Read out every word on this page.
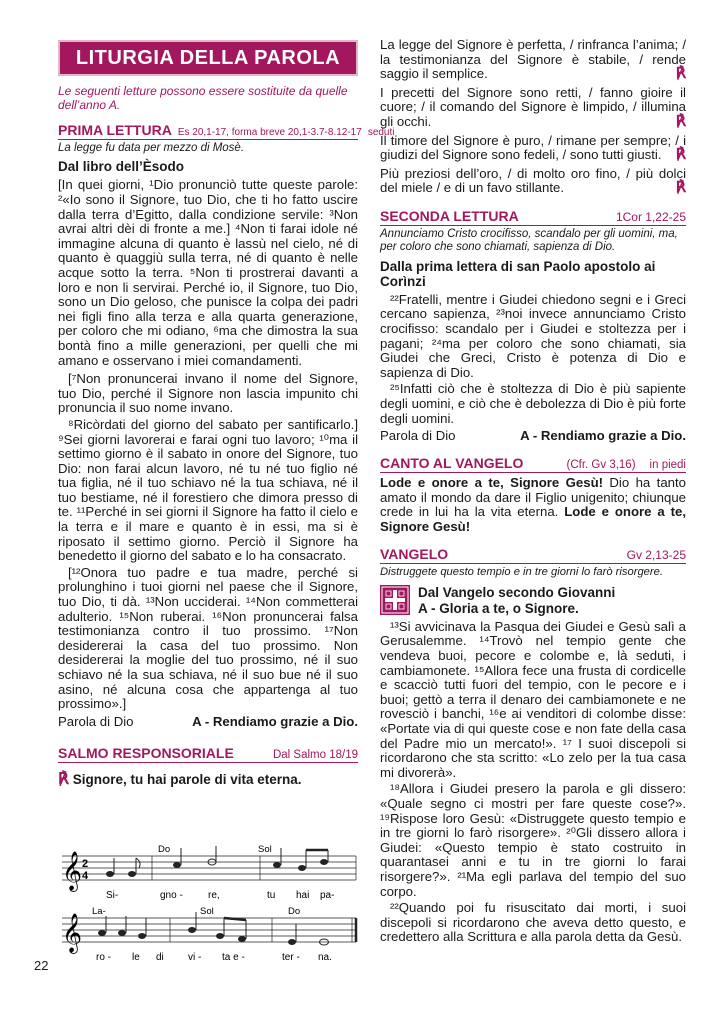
LITURGIA DELLA PAROLA
Le seguenti letture possono essere sostituite da quelle dell’anno A.
PRIMA LETTURA Es 20,1-17, forma breve 20,1-3.7-8.12-17 seduti
La legge fu data per mezzo di Mosè.
Dal libro dell’Èsodo
[In quei giorni, ¹Dio pronunciò tutte queste parole: ²«Io sono il Signore, tuo Dio, che ti ho fatto uscire dalla terra d’Egitto, dalla condizione servile: ³Non avrai altri dèi di fronte a me.] ⁴Non ti farai idole né immagine alcuna di quanto è lassù nel cielo, né di quanto è quaggiù sulla terra, né di quanto è nelle acque sotto la terra. ⁵Non ti prostrerai davanti a loro e non li servirai. Perché io, il Signore, tuo Dio, sono un Dio geloso, che punisce la colpa dei padri nei figli fino alla terza e alla quarta generazione, per coloro che mi odiano, ⁶ma che dimostra la sua bontà fino a mille generazioni, per quelli che mi amano e osservano i miei comandamenti.
[⁷Non pronuncerai invano il nome del Signore, tuo Dio, perché il Signore non lascia impunito chi pronuncia il suo nome invano.
⁸Ricòrdati del giorno del sabato per santificarlo.] ⁹Sei giorni lavorerai e farai ogni tuo lavoro; ¹⁰ma il settimo giorno è il sabato in onore del Signore, tuo Dio: non farai alcun lavoro, né tu né tuo figlio né tua figlia, né il tuo schiavo né la tua schiava, né il tuo bestiame, né il forestiero che dimora presso di te. ¹¹Perché in sei giorni il Signore ha fatto il cielo e la terra e il mare e quanto è in essi, ma si è riposato il settimo giorno. Perciò il Signore ha benedetto il giorno del sabato e lo ha consacrato.
[¹²Onora tuo padre e tua madre, perché si prolunghino i tuoi giorni nel paese che il Signore, tuo Dio, ti dà. ¹³Non ucciderai. ¹⁴Non commetterai adulterio. ¹⁵Non ruberai. ¹⁶Non pronuncerai falsa testimonianza contro il tuo prossimo. ¹⁷Non desidererai la casa del tuo prossimo. Non desidererai la moglie del tuo prossimo, né il suo schiavo né la sua schiava, né il suo bue né il suo asino, né alcuna cosa che appartenga al tuo prossimo».]
Parola di Dio	A - Rendiamo grazie a Dio.
SALMO RESPONSORIALE	Dal Salmo 18/19
℟ Signore, tu hai parole di vita eterna.
𝄞 2
4
Do	Sol
Si-	gno -	re,	tu hai pa-
𝄞
La-	Sol	Do
ro - le di vi - ta e -	ter - na.
22
La legge del Signore è perfetta, / rinfranca l’anima; / la testimonianza del Signore è stabile, / rende saggio il semplice.	℟
I precetti del Signore sono retti, / fanno gioire il cuore; / il comando del Signore è limpido, / illumina gli occhi.	℟
Il timore del Signore è puro, / rimane per sempre; / i giudizi del Signore sono fedeli, / sono tutti giusti. ℟
Più preziosi dell’oro, / di molto oro fino, / più dolci del miele / e di un favo stillante.	℟
SECONDA LETTURA	1Cor 1,22-25
Annunciamo Cristo crocifisso, scandalo per gli uomini, ma, per coloro che sono chiamati, sapienza di Dio.
Dalla prima lettera di san Paolo apostolo ai Corìnzi
²²Fratelli, mentre i Giudei chiedono segni e i Greci cercano sapienza, ²³noi invece annunciamo Cristo crocifisso: scandalo per i Giudei e stoltezza per i pagani; ²⁴ma per coloro che sono chiamati, sia Giudei che Greci, Cristo è potenza di Dio e sapienza di Dio.
²⁵Infatti ciò che è stoltezza di Dio è più sapiente degli uomini, e ciò che è debolezza di Dio è più forte degli uomini.
Parola di Dio	A - Rendiamo grazie a Dio.
CANTO AL VANGELO	(Cfr. Gv 3,16) in piedi
Lode e onore a te, Signore Gesù! Dio ha tanto amato il mondo da dare il Figlio unigenito; chiunque crede in lui ha la vita eterna. Lode e onore a te, Signore Gesù!
VANGELO	Gv 2,13-25
Distruggete questo tempio e in tre giorni lo farò risorgere.
Dal Vangelo secondo Giovanni
A - Gloria a te, o Signore.
¹³Si avvicinava la Pasqua dei Giudei e Gesù salì a Gerusalemme. ¹⁴Trovò nel tempio gente che vendeva buoi, pecore e colombe e, là seduti, i cambiamonete. ¹⁵Allora fece una frusta di cordicelle e scacciò tutti fuori del tempio, con le pecore e i buoi; gettò a terra il denaro dei cambiamonete e ne rovesciò i banchi, ¹⁶e ai venditori di colombe disse: «Portate via di qui queste cose e non fate della casa del Padre mio un mercato!». ¹⁷ I suoi discepoli si ricordarono che sta scritto: «Lo zelo per la tua casa mi divorerà».
¹⁸Allora i Giudei presero la parola e gli dissero: «Quale segno ci mostri per fare queste cose?». ¹⁹Rispose loro Gesù: «Distruggete questo tempio e in tre giorni lo farò risorgere». ²⁰Gli dissero allora i Giudei: «Questo tempio è stato costruito in quarantasei anni e tu in tre giorni lo farai risorgere?». ²¹Ma egli parlava del tempio del suo corpo.
²²Quando poi fu risuscitato dai morti, i suoi discepoli si ricordarono che aveva detto questo, e credettero alla Scrittura e alla parola detta da Gesù.
